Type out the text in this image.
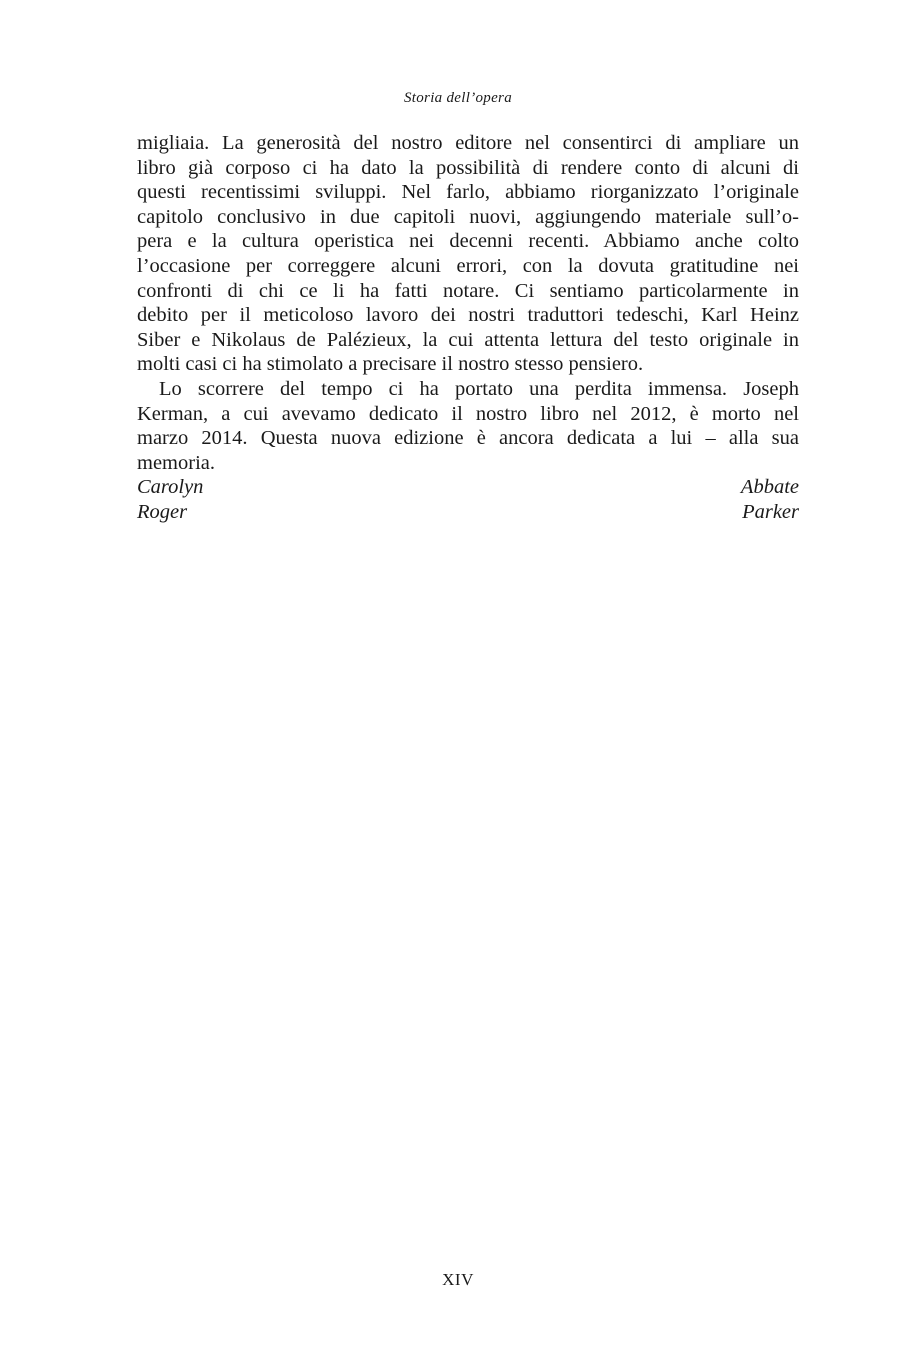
Storia dell’opera
migliaia. La generosità del nostro editore nel consentirci di ampliare un
libro già corposo ci ha dato la possibilità di rendere conto di alcuni di
questi recentissimi sviluppi. Nel farlo, abbiamo riorganizzato l’originale
capitolo conclusivo in due capitoli nuovi, aggiungendo materiale sull’o-
pera e la cultura operistica nei decenni recenti. Abbiamo anche colto
l’occasione per correggere alcuni errori, con la dovuta gratitudine nei
confronti di chi ce li ha fatti notare. Ci sentiamo particolarmente in
debito per il meticoloso lavoro dei nostri traduttori tedeschi, Karl Heinz
Siber e Nikolaus de Palézieux, la cui attenta lettura del testo originale in
molti casi ci ha stimolato a precisare il nostro stesso pensiero.
Lo scorrere del tempo ci ha portato una perdita immensa. Joseph
Kerman, a cui avevamo dedicato il nostro libro nel 2012, è morto nel
marzo 2014. Questa nuova edizione è ancora dedicata a lui – alla sua
memoria.
Carolyn Abbate
Roger Parker
XIV
